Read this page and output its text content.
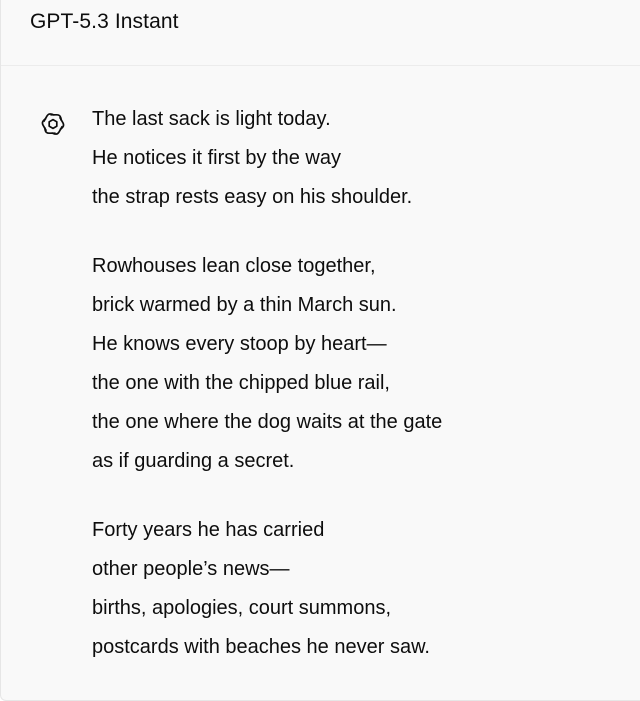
GPT-5.3 Instant
The last sack is light today.
He notices it first by the way
the strap rests easy on his shoulder.
Rowhouses lean close together,
brick warmed by a thin March sun.
He knows every stoop by heart—
the one with the chipped blue rail,
the one where the dog waits at the gate
as if guarding a secret.
Forty years he has carried
other people’s news—
births, apologies, court summons,
postcards with beaches he never saw.
